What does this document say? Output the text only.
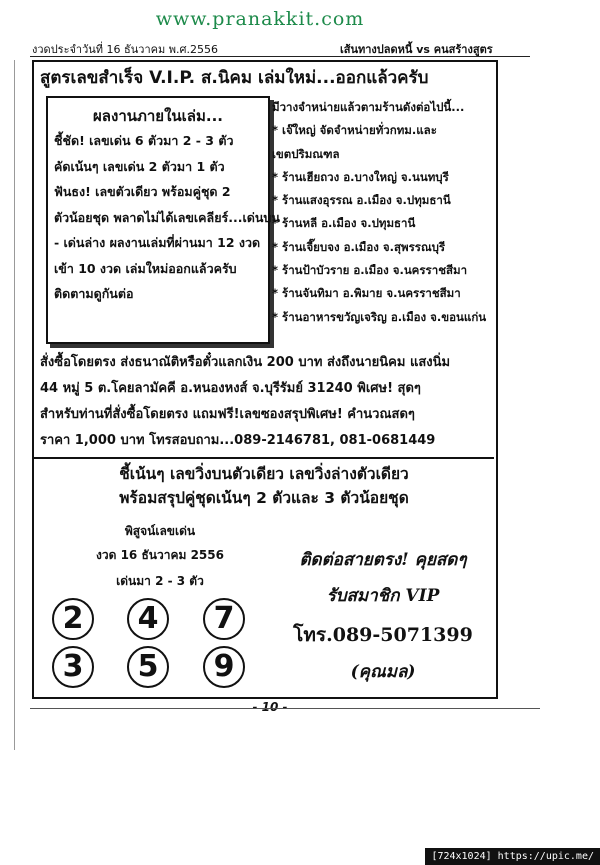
www.pranakkit.com
งวดประจำวันที่ 16 ธันวาคม พ.ศ.2556	เส้นทางปลดหนี้ vs คนสร้างสูตร
สูตรเลขสำเร็จ V.I.P. ส.นิคม เล่มใหม่...ออกแล้วครับ
ผลงานภายในเล่ม...
ชี้ชัด! เลขเด่น 6 ตัวมา 2 - 3 ตัว
คัดเน้นๆ เลขเด่น 2 ตัวมา 1 ตัว
ฟันธง! เลขตัวเดียว พร้อมคู่ชุด 2
ตัวน้อยชุด พลาดไม่ได้เลขเคลียร์...เด่นบน
- เด่นล่าง ผลงานเล่มที่ผ่านมา 12 งวด
เข้า 10 งวด เล่มใหม่ออกแล้วครับ
ติดตามดูกันต่อ
มีวางจำหน่ายแล้วตามร้านดังต่อไปนี้...
* เจ๊ใหญ่ จัดจำหน่ายทั่วกทม.และ
เขตปริมณฑล
* ร้านเฮียถวง อ.บางใหญ่ จ.นนทบุรี
* ร้านแสงอุรรณ อ.เมือง จ.ปทุมธานี
* ร้านหลี อ.เมือง จ.ปทุมธานี
* ร้านเจี๊ยบจง อ.เมือง จ.สุพรรณบุรี
* ร้านป้าบัวราย อ.เมือง จ.นครราชสีมา
* ร้านจันทิมา อ.พิมาย จ.นครราชสีมา
* ร้านอาหารขวัญเจริญ อ.เมือง จ.ขอนแก่น
สั่งซื้อโดยตรง ส่งธนาณัติหรือตั๋วแลกเงิน 200 บาท ส่งถึงนายนิคม แสงนิ่ม
44 หมู่ 5 ต.โคยลามัคคี อ.หนองหงส์ จ.บุรีรัมย์ 31240 พิเศษ! สุดๆ
สำหรับท่านที่สั่งซื้อโดยตรง แถมฟรี!เลขซองสรุปพิเศษ! คำนวณสดๆ
ราคา 1,000 บาท โทรสอบถาม...089-2146781, 081-0681449
ชี้เน้นๆ เลขวิ่งบนตัวเดียว เลขวิ่งล่างตัวเดียว
พร้อมสรุปคู่ชุดเน้นๆ 2 ตัวและ 3 ตัวน้อยชุด
พิสูจน์เลขเด่น
งวด 16 ธันวาคม 2556
เด่นมา 2 - 3 ตัว
2	4	7
3	5	9
ติดต่อสายตรง! คุยสดๆ
รับสมาชิก VIP
โทร.089-5071399
(คุณมล)
- 10 -
[724x1024] https://upic.me/
